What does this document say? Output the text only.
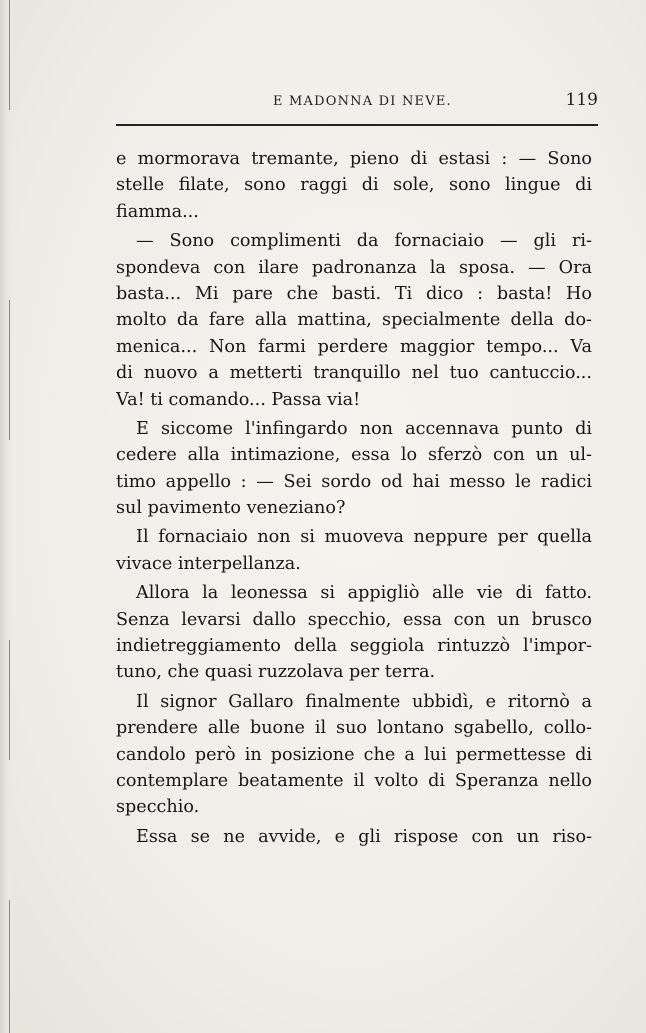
E MADONNA DI NEVE.	119
e mormorava tremante, pieno di estasi : — Sono
stelle filate, sono raggi di sole, sono lingue di
fiamma...
— Sono complimenti da fornaciaio — gli ri-
spondeva con ilare padronanza la sposa. — Ora
basta... Mi pare che basti. Ti dico : basta! Ho
molto da fare alla mattina, specialmente della do-
menica... Non farmi perdere maggior tempo... Va
di nuovo a metterti tranquillo nel tuo cantuccio...
Va! ti comando... Passa via!
E siccome l'infingardo non accennava punto di
cedere alla intimazione, essa lo sferzò con un ul-
timo appello : — Sei sordo od hai messo le radici
sul pavimento veneziano?
Il fornaciaio non si muoveva neppure per quella
vivace interpellanza.
Allora la leonessa si appigliò alle vie di fatto.
Senza levarsi dallo specchio, essa con un brusco
indietreggiamento della seggiola rintuzzò l'impor-
tuno, che quasi ruzzolava per terra.
Il signor Gallaro finalmente ubbidì, e ritornò a
prendere alle buone il suo lontano sgabello, collo-
candolo però in posizione che a lui permettesse di
contemplare beatamente il volto di Speranza nello
specchio.
Essa se ne avvide, e gli rispose con un riso-
